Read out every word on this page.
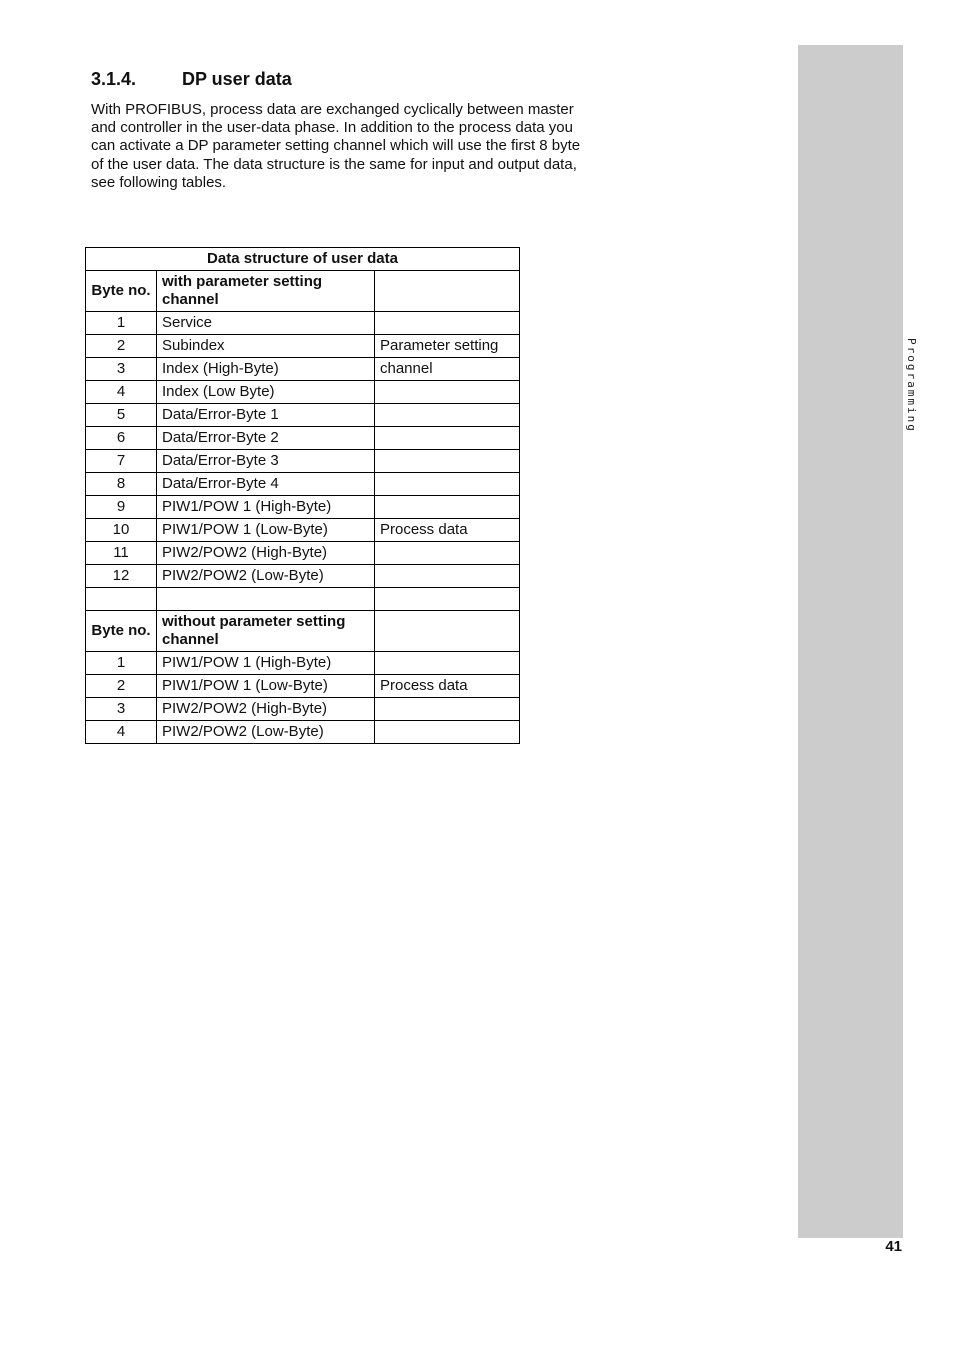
Programming
41
3.1.4.	DP user data

With PROFIBUS, process data are exchanged cyclically between master and controller in the user-data phase. In addition to the process data you can activate a DP parameter setting channel which will use the first 8 byte of the user data. The data structure is the same for input and output data, see following tables.

Data structure of user data		
Byte no.	with parameter setting channel	
1	Service	
2	Subindex	Parameter setting
3	Index (High-Byte)	channel
4	Index (Low Byte)	
5	Data/Error-Byte 1	
6	Data/Error-Byte 2	
7	Data/Error-Byte 3	
8	Data/Error-Byte 4	
9	PIW1/POW 1 (High-Byte)	
10	PIW1/POW 1 (Low-Byte)	Process data
11	PIW2/POW2 (High-Byte)	
12	PIW2/POW2 (Low-Byte)	

Byte no.	without parameter setting channel	
1	PIW1/POW 1 (High-Byte)	
2	PIW1/POW 1 (Low-Byte)	Process data
3	PIW2/POW2 (High-Byte)	
4	PIW2/POW2 (Low-Byte)	
